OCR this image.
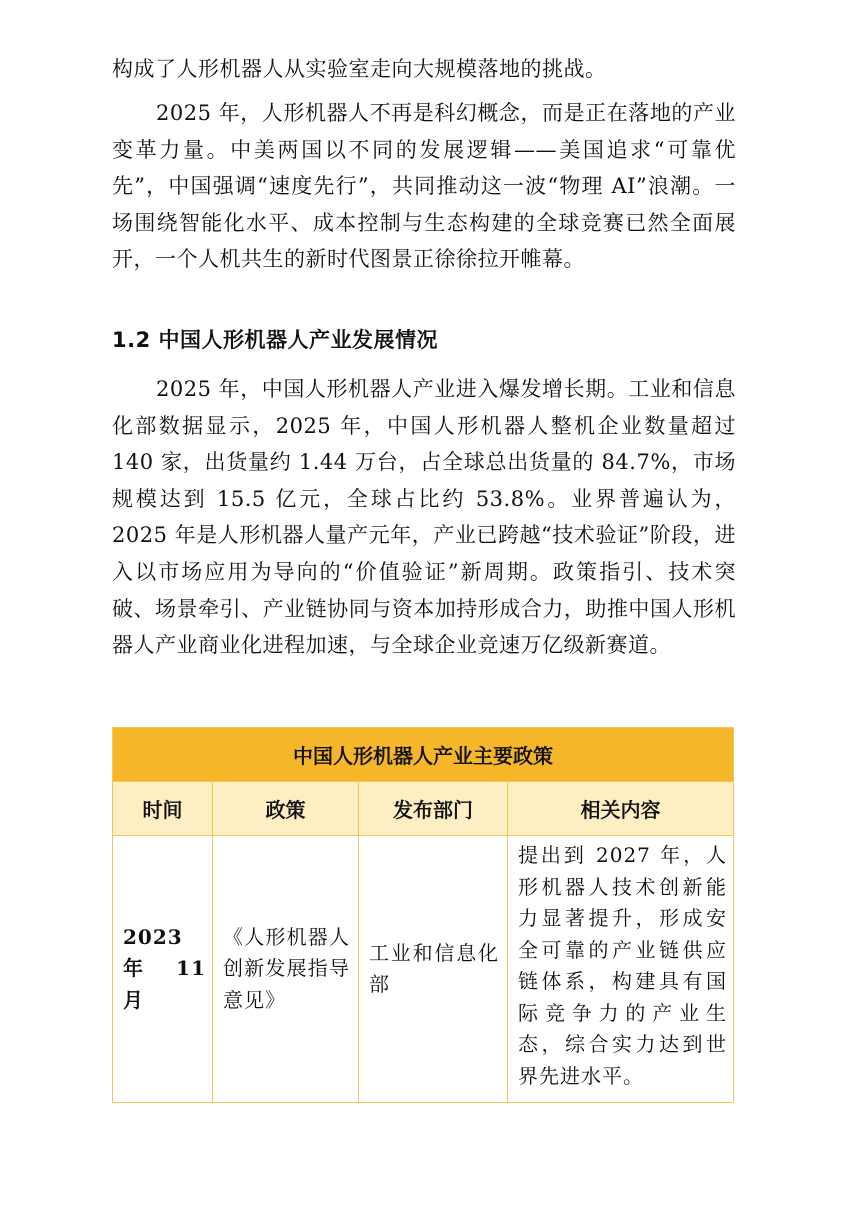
构成了人形机器人从实验室走向大规模落地的挑战。

2025 年，人形机器人不再是科幻概念，而是正在落地的产业变革力量。中美两国以不同的发展逻辑——美国追求“可靠优先”，中国强调“速度先行”，共同推动这一波“物理 AI”浪潮。一场围绕智能化水平、成本控制与生态构建的全球竞赛已然全面展开，一个人机共生的新时代图景正徐徐拉开帷幕。

1.2 中国人形机器人产业发展情况

2025 年，中国人形机器人产业进入爆发增长期。工业和信息化部数据显示，2025 年，中国人形机器人整机企业数量超过 140 家，出货量约 1.44 万台，占全球总出货量的 84.7%，市场规模达到 15.5 亿元，全球占比约 53.8%。业界普遍认为，2025 年是人形机器人量产元年，产业已跨越“技术验证”阶段，进入以市场应用为导向的“价值验证”新周期。政策指引、技术突破、场景牵引、产业链协同与资本加持形成合力，助推中国人形机器人产业商业化进程加速，与全球企业竞速万亿级新赛道。

中国人形机器人产业主要政策			
时间	政策	发布部门	相关内容
2023 年 11 月	《人形机器人创新发展指导意见》	工业和信息化部	提出到 2027 年，人形机器人技术创新能力显著提升，形成安全可靠的产业链供应链体系，构建具有国际竞争力的产业生态，综合实力达到世界先进水平。
